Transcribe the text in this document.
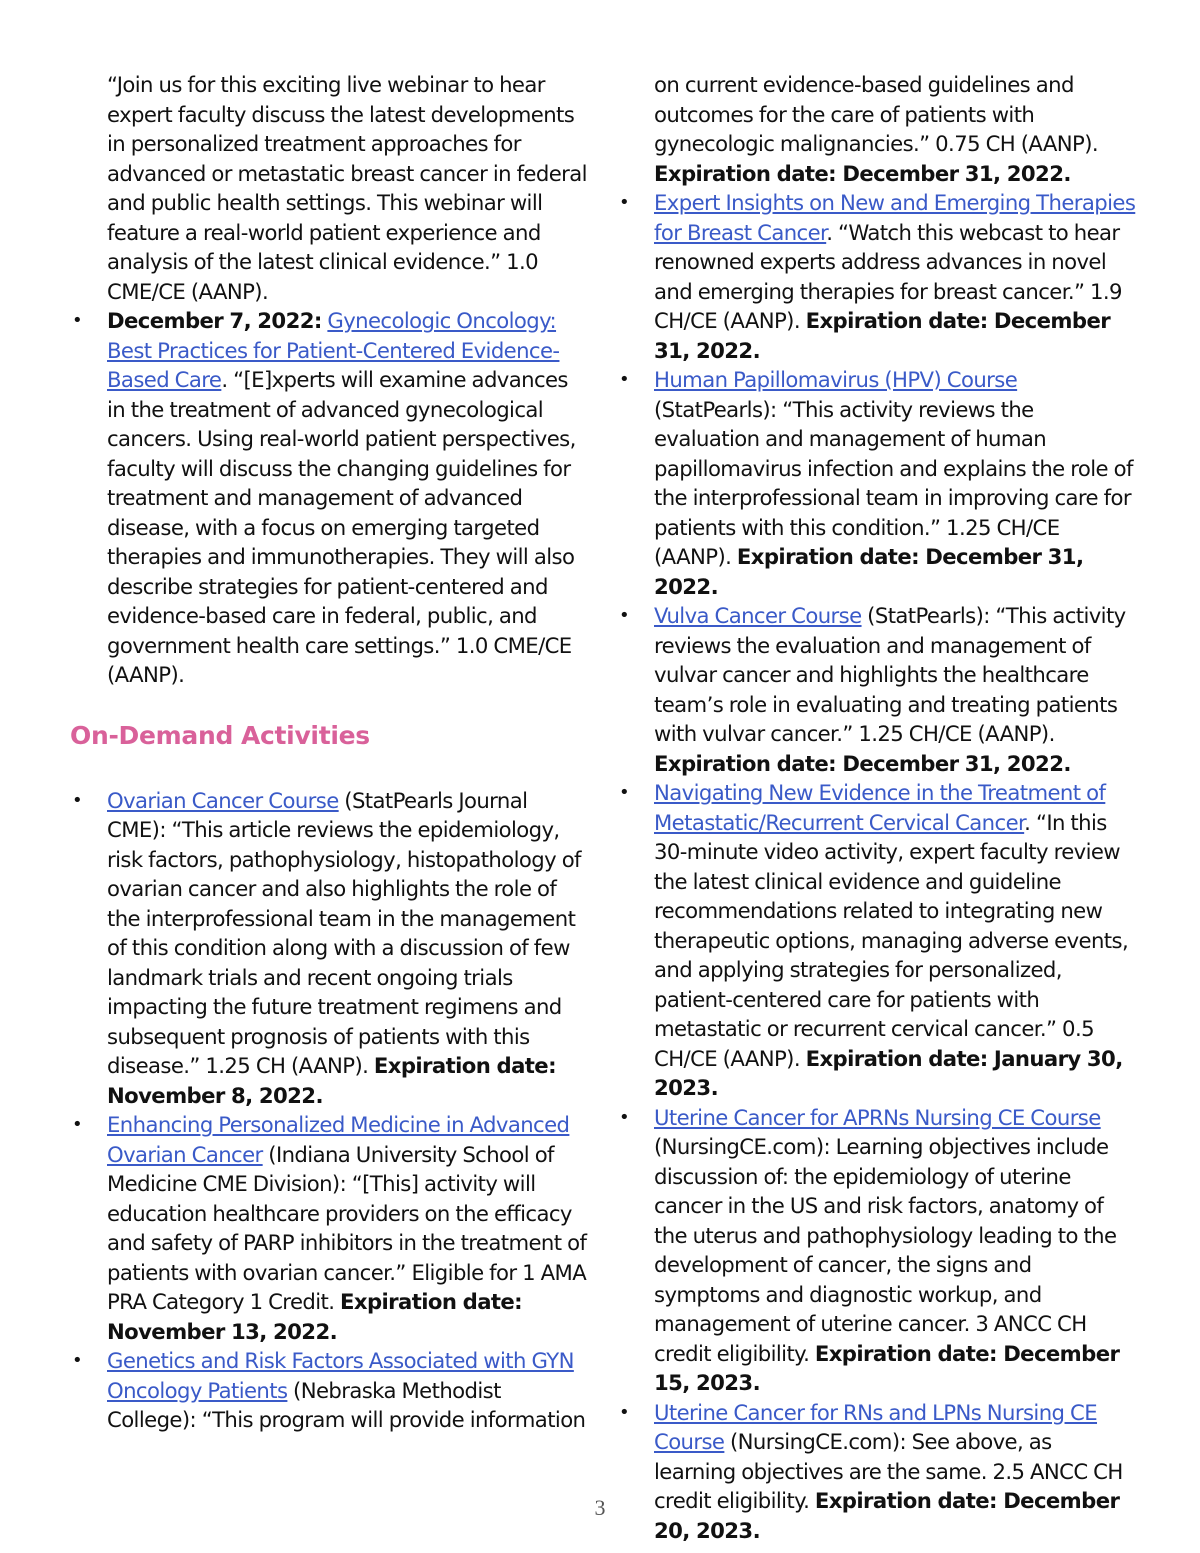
“Join us for this exciting live webinar to hear expert faculty discuss the latest developments in personalized treatment approaches for advanced or metastatic breast cancer in federal and public health settings. This webinar will feature a real-world patient experience and analysis of the latest clinical evidence.” 1.0 CME/CE (AANP).

• December 7, 2022: Gynecologic Oncology: Best Practices for Patient-Centered Evidence-Based Care. “[E]xperts will examine advances in the treatment of advanced gynecological cancers. Using real-world patient perspectives, faculty will discuss the changing guidelines for treatment and management of advanced disease, with a focus on emerging targeted therapies and immunotherapies. They will also describe strategies for patient-centered and evidence-based care in federal, public, and government health care settings.” 1.0 CME/CE (AANP).
On-Demand Activities
• Ovarian Cancer Course (StatPearls Journal CME): “This article reviews the epidemiology, risk factors, pathophysiology, histopathology of ovarian cancer and also highlights the role of the interprofessional team in the management of this condition along with a discussion of few landmark trials and recent ongoing trials impacting the future treatment regimens and subsequent prognosis of patients with this disease.” 1.25 CH (AANP). Expiration date: November 8, 2022.
• Enhancing Personalized Medicine in Advanced Ovarian Cancer (Indiana University School of Medicine CME Division): “[This] activity will education healthcare providers on the efficacy and safety of PARP inhibitors in the treatment of patients with ovarian cancer.” Eligible for 1 AMA PRA Category 1 Credit. Expiration date: November 13, 2022.
• Genetics and Risk Factors Associated with GYN Oncology Patients (Nebraska Methodist College): “This program will provide information

on current evidence-based guidelines and outcomes for the care of patients with gynecologic malignancies.” 0.75 CH (AANP). Expiration date: December 31, 2022.

• Expert Insights on New and Emerging Therapies for Breast Cancer. “Watch this webcast to hear renowned experts address advances in novel and emerging therapies for breast cancer.” 1.9 CH/CE (AANP). Expiration date: December 31, 2022.
• Human Papillomavirus (HPV) Course (StatPearls): “This activity reviews the evaluation and management of human papillomavirus infection and explains the role of the interprofessional team in improving care for patients with this condition.” 1.25 CH/CE (AANP). Expiration date: December 31, 2022.
• Vulva Cancer Course (StatPearls): “This activity reviews the evaluation and management of vulvar cancer and highlights the healthcare team’s role in evaluating and treating patients with vulvar cancer.” 1.25 CH/CE (AANP). Expiration date: December 31, 2022.
• Navigating New Evidence in the Treatment of Metastatic/Recurrent Cervical Cancer. “In this 30-minute video activity, expert faculty review the latest clinical evidence and guideline recommendations related to integrating new therapeutic options, managing adverse events, and applying strategies for personalized, patient-centered care for patients with metastatic or recurrent cervical cancer.” 0.5 CH/CE (AANP). Expiration date: January 30, 2023.
• Uterine Cancer for APRNs Nursing CE Course (NursingCE.com): Learning objectives include discussion of: the epidemiology of uterine cancer in the US and risk factors, anatomy of the uterus and pathophysiology leading to the development of cancer, the signs and symptoms and diagnostic workup, and management of uterine cancer. 3 ANCC CH credit eligibility. Expiration date: December 15, 2023.
• Uterine Cancer for RNs and LPNs Nursing CE Course (NursingCE.com): See above, as learning objectives are the same. 2.5 ANCC CH credit eligibility. Expiration date: December 20, 2023.
3
